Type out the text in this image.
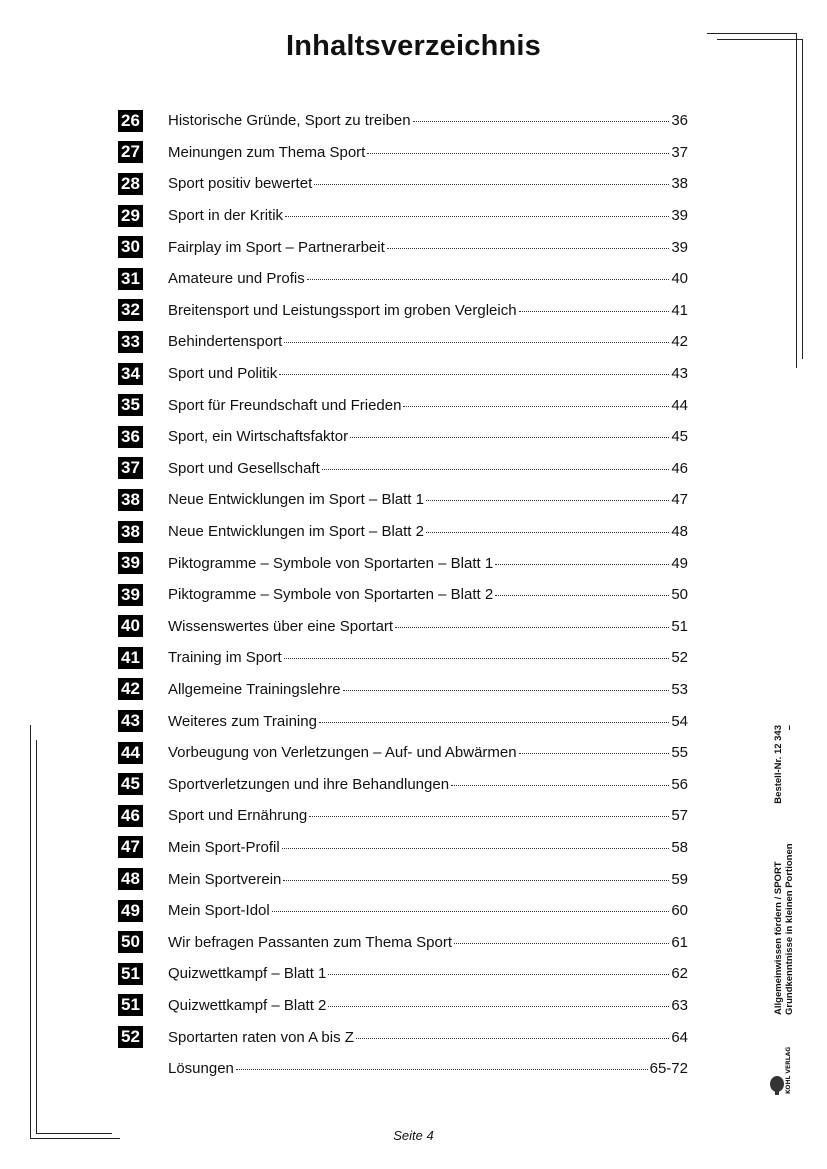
Inhaltsverzeichnis
26 Historische Gründe, Sport zu treiben	36
27 Meinungen zum Thema Sport	37
28 Sport positiv bewertet	38
29 Sport in der Kritik	39
30 Fairplay im Sport – Partnerarbeit	39
31 Amateure und Profis	40
32 Breitensport und Leistungssport im groben Vergleich	41
33 Behindertensport	42
34 Sport und Politik	43
35 Sport für Freundschaft und Frieden	44
36 Sport, ein Wirtschaftsfaktor	45
37 Sport und Gesellschaft	46
38 Neue Entwicklungen im Sport – Blatt 1	47
38 Neue Entwicklungen im Sport – Blatt 2	48
39 Piktogramme – Symbole von Sportarten – Blatt 1	49
39 Piktogramme – Symbole von Sportarten – Blatt 2	50
40 Wissenswertes über eine Sportart	51
41 Training im Sport	52
42 Allgemeine Trainingslehre	53
43 Weiteres zum Training	54
44 Vorbeugung von Verletzungen – Auf- und Abwärmen	55
45 Sportverletzungen und ihre Behandlungen	56
46 Sport und Ernährung	57
47 Mein Sport-Profil	58
48 Mein Sportverein	59
49 Mein Sport-Idol	60
50 Wir befragen Passanten zum Thema Sport	61
51 Quizwettkampf – Blatt 1	62
51 Quizwettkampf – Blatt 2	63
52 Sportarten raten von A bis Z	64
Lösungen	65-72
Allgemeinwissen fördern / SPORT
Bestell-Nr. 12 343
Grundkenntnisse in kleinen Portionen
–
KOHL VERLAG
Seite 4
